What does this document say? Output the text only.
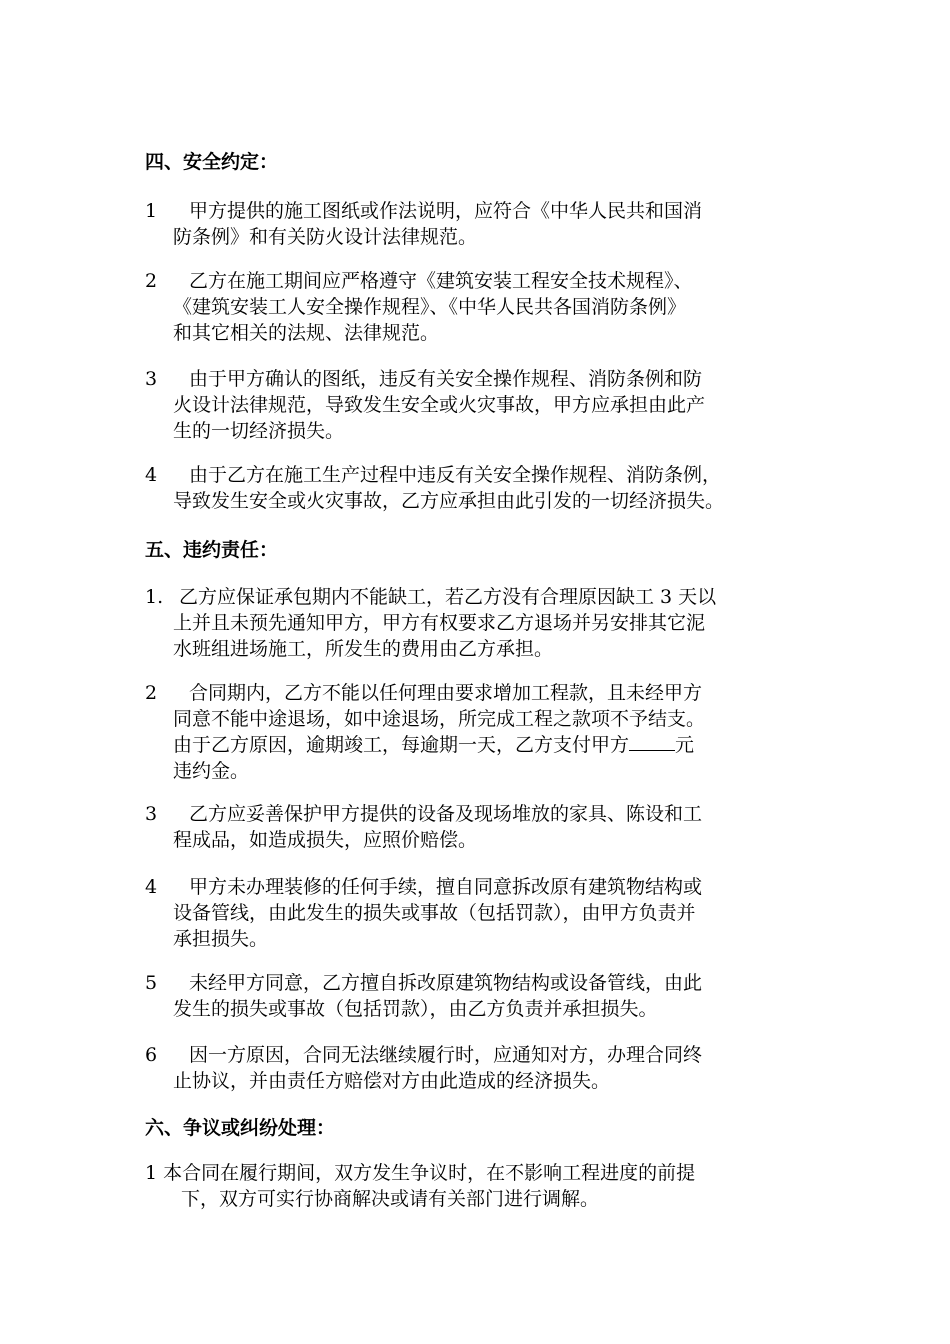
四、安全约定：
1	甲方提供的施工图纸或作法说明，应符合《中华人民共和国消
防条例》和有关防火设计法律规范。
2	乙方在施工期间应严格遵守《建筑安装工程安全技术规程》、
《建筑安装工人安全操作规程》、《中华人民共各国消防条例》
和其它相关的法规、法律规范。
3	由于甲方确认的图纸，违反有关安全操作规程、消防条例和防
火设计法律规范，导致发生安全或火灾事故，甲方应承担由此产
生的一切经济损失。
4	由于乙方在施工生产过程中违反有关安全操作规程、消防条例，
导致发生安全或火灾事故，乙方应承担由此引发的一切经济损失。
五、违约责任：
1. 乙方应保证承包期内不能缺工，若乙方没有合理原因缺工 3 天以
上并且未预先通知甲方，甲方有权要求乙方退场并另安排其它泥
水班组进场施工，所发生的费用由乙方承担。
2	合同期内，乙方不能以任何理由要求增加工程款，且未经甲方
同意不能中途退场，如中途退场，所完成工程之款项不予结支。
由于乙方原因，逾期竣工，每逾期一天，乙方支付甲方 元
违约金。
3	乙方应妥善保护甲方提供的设备及现场堆放的家具、陈设和工
程成品，如造成损失，应照价赔偿。
4	甲方未办理装修的任何手续，擅自同意拆改原有建筑物结构或
设备管线，由此发生的损失或事故（包括罚款），由甲方负责并
承担损失。
5	未经甲方同意，乙方擅自拆改原建筑物结构或设备管线，由此
发生的损失或事故（包括罚款），由乙方负责并承担损失。
6	因一方原因，合同无法继续履行时，应通知对方，办理合同终
止协议，并由责任方赔偿对方由此造成的经济损失。
六、争议或纠纷处理：
1 本合同在履行期间，双方发生争议时，在不影响工程进度的前提
下，双方可实行协商解决或请有关部门进行调解。
